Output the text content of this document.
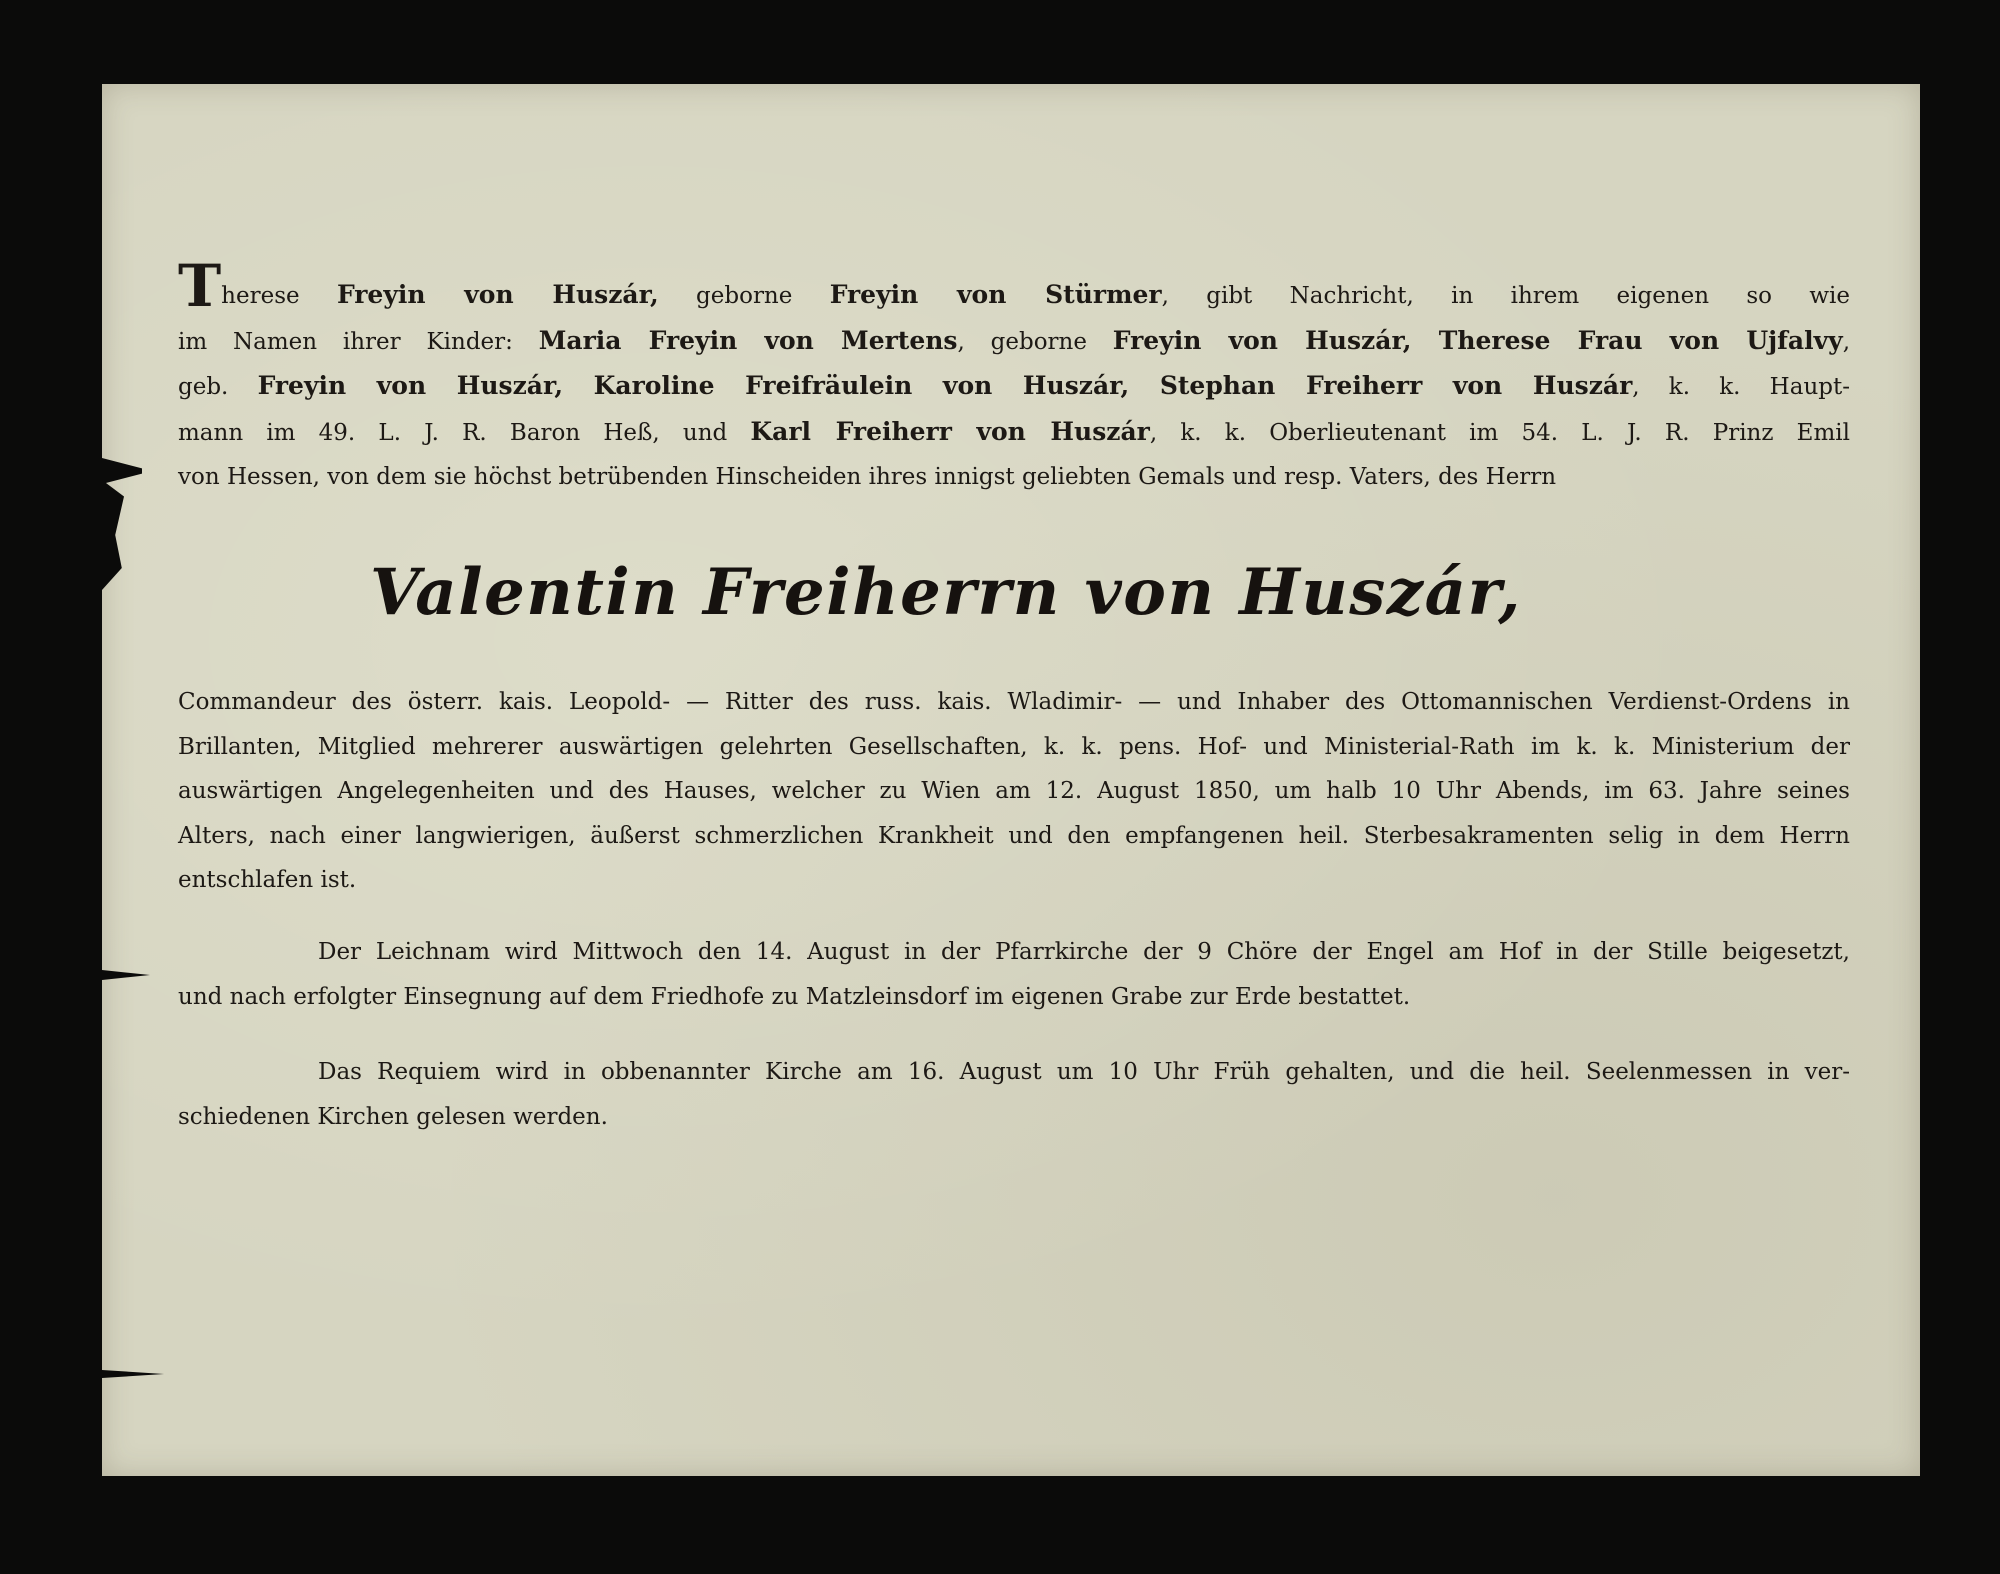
Therese Freyin von Huszár, geborne Freyin von Stürmer, gibt Nachricht, in ihrem eigenen so wie
im Namen ihrer Kinder: Maria Freyin von Mertens, geborne Freyin von Huszár, Therese Frau von Ujfalvy,
geb. Freyin von Huszár, Karoline Freifräulein von Huszár, Stephan Freiherr von Huszár, k. k. Haupt-
mann im 49. L. J. R. Baron Heß, und Karl Freiherr von Huszár, k. k. Oberlieutenant im 54. L. J. R. Prinz Emil
von Hessen, von dem sie höchst betrübenden Hinscheiden ihres innigst geliebten Gemals und resp. Vaters, des Herrn
Valentin Freiherrn von Huszár,
Commandeur des österr. kais. Leopold- — Ritter des russ. kais. Wladimir- — und Inhaber des Ottomannischen Verdienst-Ordens in
Brillanten, Mitglied mehrerer auswärtigen gelehrten Gesellschaften, k. k. pens. Hof- und Ministerial-Rath im k. k. Ministerium der
auswärtigen Angelegenheiten und des Hauses, welcher zu Wien am 12. August 1850, um halb 10 Uhr Abends, im 63. Jahre seines
Alters, nach einer langwierigen, äußerst schmerzlichen Krankheit und den empfangenen heil. Sterbesakramenten selig in dem Herrn
entschlafen ist.
Der Leichnam wird Mittwoch den 14. August in der Pfarrkirche der 9 Chöre der Engel am Hof in der Stille beigesetzt,
und nach erfolgter Einsegnung auf dem Friedhofe zu Matzleinsdorf im eigenen Grabe zur Erde bestattet.
Das Requiem wird in obbenannter Kirche am 16. August um 10 Uhr Früh gehalten, und die heil. Seelenmessen in ver-
schiedenen Kirchen gelesen werden.
